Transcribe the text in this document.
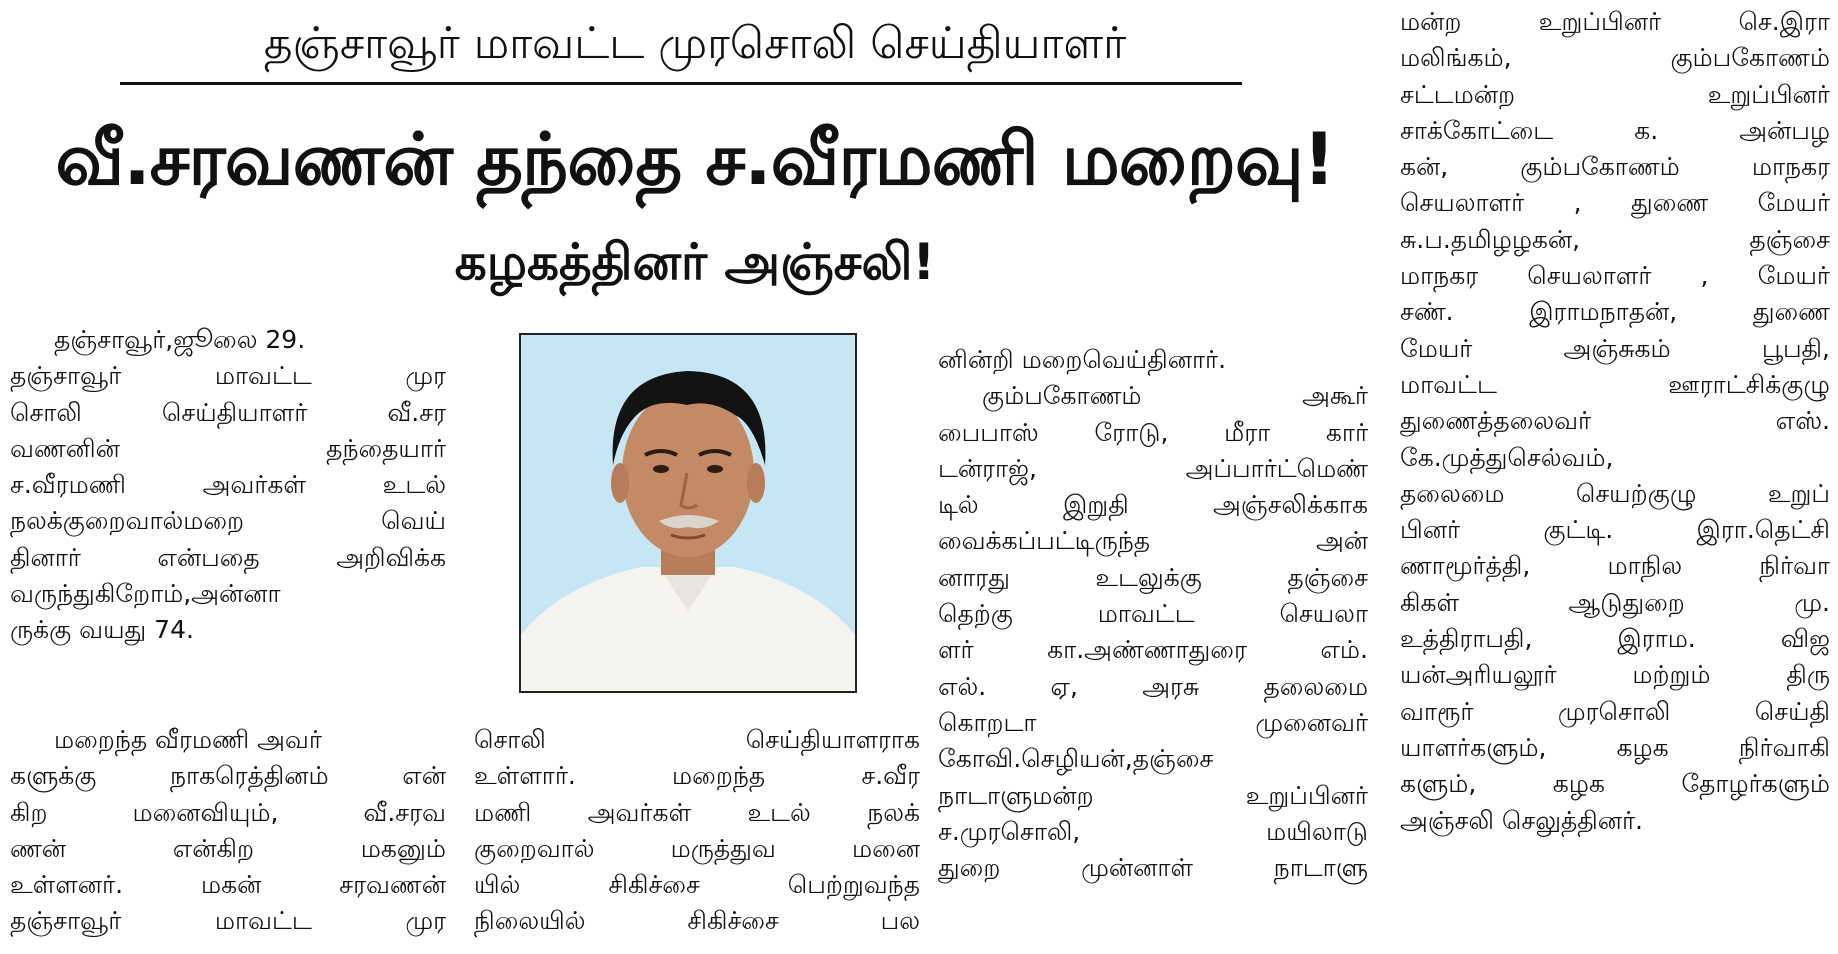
தஞ்சாவூர் மாவட்ட முரசொலி செய்தியாளர்
வீ.சரவணன் தந்தை ச.வீரமணி மறைவு!
கழகத்தினர் அஞ்சலி!
தஞ்சாவூர்,ஜூலை 29.
தஞ்சாவூர் மாவட்ட முர
சொலி செய்தியாளர் வீ.சர
வணனின் தந்தையார்
ச.வீரமணி அவர்கள் உடல்
நலக்குறைவால்மறை வெய்
தினார் என்பதை அறிவிக்க
வருந்துகிறோம்,அன்னா
ருக்கு வயது 74.
மறைந்த வீரமணி அவர்
களுக்கு நாகரெத்தினம் என்
கிற மனைவியும், வீ.சரவ
ணன் என்கிற மகனும்
உள்ளனர். மகன் சரவணன்
தஞ்சாவூர் மாவட்ட முர
சொலி செய்தியாளராக
உள்ளார். மறைந்த ச.வீர
மணி அவர்கள் உடல் நலக்
குறைவால் மருத்துவ மனை
யில் சிகிச்சை பெற்றுவந்த
நிலையில் சிகிச்சை பல
னின்றி மறைவெய்தினார்.
கும்பகோணம் அகூர்
பைபாஸ் ரோடு, மீரா கார்
டன்ராஜ், அப்பார்ட்மெண்
டில் இறுதி அஞ்சலிக்காக
வைக்கப்பட்டிருந்த அன்
னாரது உடலுக்கு தஞ்சை
தெற்கு மாவட்ட செயலா
ளர் கா.அண்ணாதுரை எம்.
எல். ஏ, அரசு தலைமை
கொறடா முனைவர்
கோவி.செழியன்,தஞ்சை
நாடாளுமன்ற உறுப்பினர்
ச.முரசொலி, மயிலாடு
துறை முன்னாள் நாடாளு
மன்ற உறுப்பினர் செ.இரா
மலிங்கம், கும்பகோணம்
சட்டமன்ற உறுப்பினர்
சாக்கோட்டை க. அன்பழ
கன், கும்பகோணம் மாநகர
செயலாளர் , துணை மேயர்
சு.ப.தமிழழகன், தஞ்சை
மாநகர செயலாளர் , மேயர்
சண். இராமநாதன், துணை
மேயர் அஞ்சுகம் பூபதி,
மாவட்ட ஊராட்சிக்குழு
துணைத்தலைவர் எஸ்.
கே.முத்துசெல்வம்,
தலைமை செயற்குழு உறுப்
பினர் குட்டி. இரா.தெட்சி
ணாமூர்த்தி, மாநில நிர்வா
கிகள் ஆடுதுறை மு.
உத்திராபதி, இராம. விஜ
யன்அரியலூர் மற்றும் திரு
வாரூர் முரசொலி செய்தி
யாளர்களும், கழக நிர்வாகி
களும், கழக தோழர்களும்
அஞ்சலி செலுத்தினர்.
